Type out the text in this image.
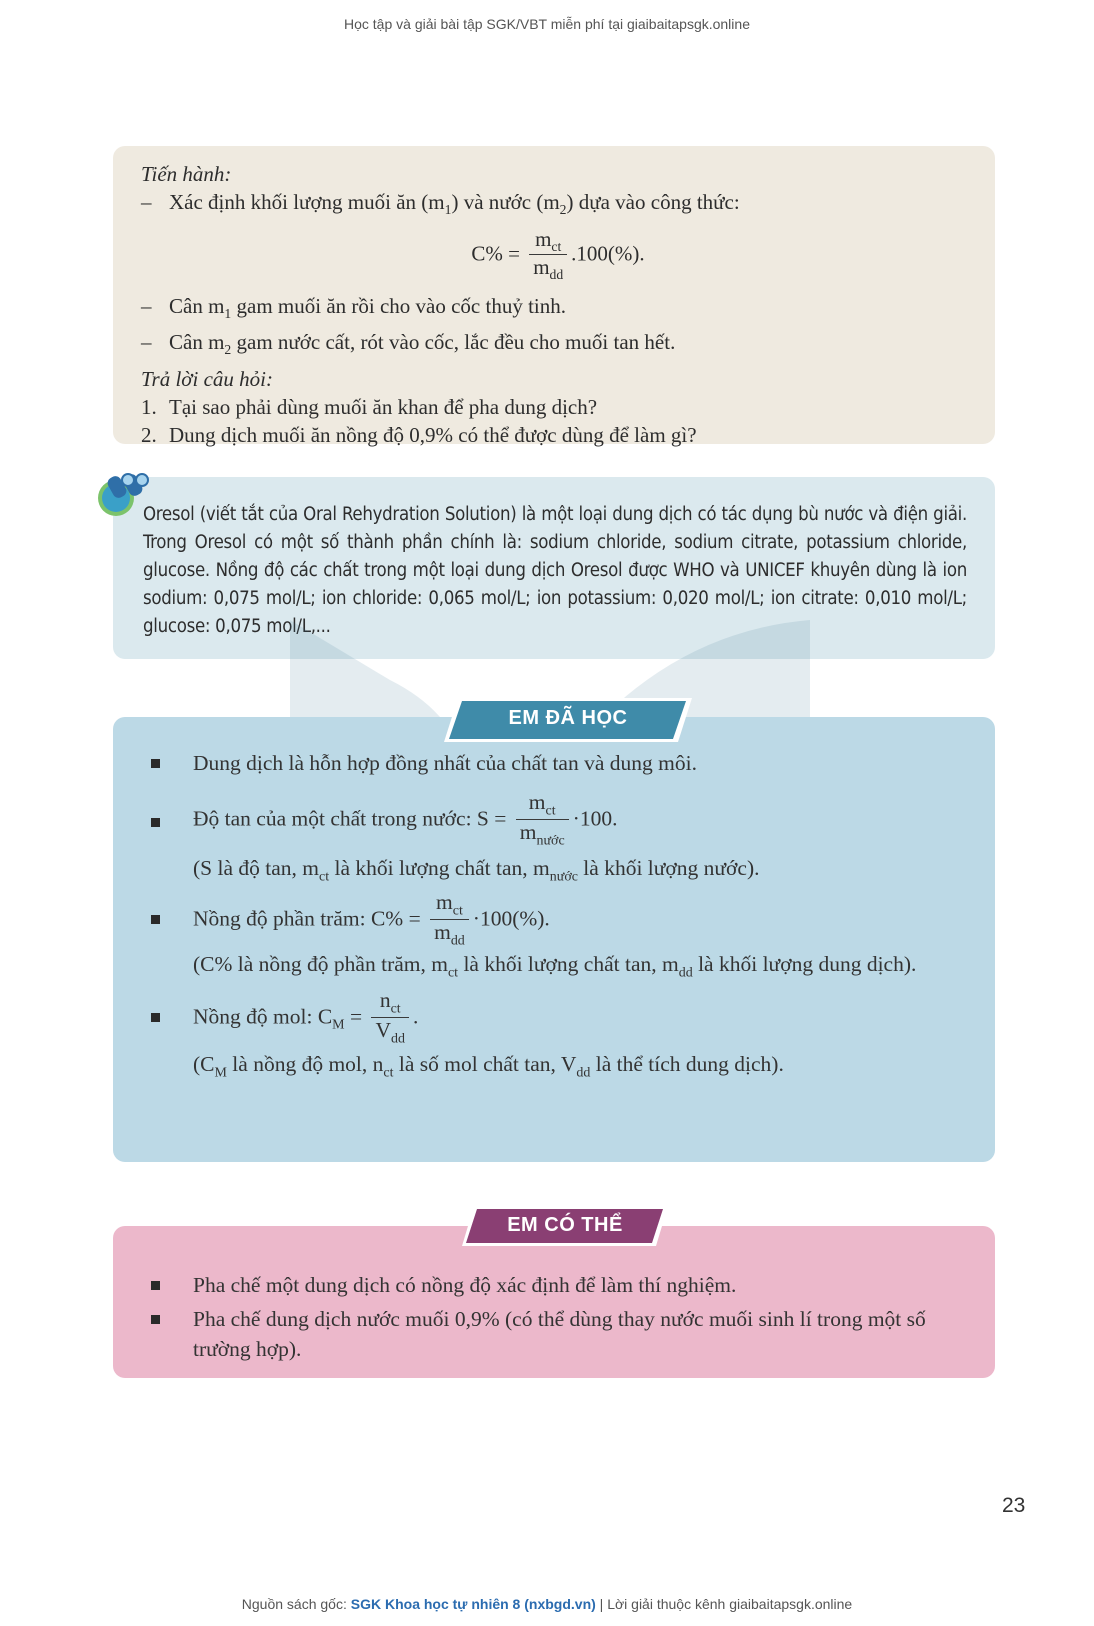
Học tập và giải bài tập SGK/VBT miễn phí tại giaibaitapsgk.online
Tiến hành:
– Xác định khối lượng muối ăn $(m_1)$ và nước $(m_2)$ dựa vào công thức:
$C\% = \frac{m_{ct}}{m_{dd}} .100(\%)$.
– Cân $m_1$ gam muối ăn rồi cho vào cốc thuỷ tinh.
– Cân $m_2$ gam nước cất, rót vào cốc, lắc đều cho muối tan hết.
Trả lời câu hỏi:
1. Tại sao phải dùng muối ăn khan để pha dung dịch?
2. Dung dịch muối ăn nồng độ 0,9% có thể được dùng để làm gì?
Oresol (viết tắt của Oral Rehydration Solution) là một loại dung dịch có tác dụng bù nước và điện giải. Trong Oresol có một số thành phần chính là: sodium chloride, sodium citrate, potassium chloride, glucose. Nồng độ các chất trong một loại dung dịch Oresol được WHO và UNICEF khuyên dùng là ion sodium: 0,075 mol/L; ion chloride: 0,065 mol/L; ion potassium: 0,020 mol/L; ion citrate: 0,010 mol/L; glucose: 0,075 mol/L,...
Dung dịch là hỗn hợp đồng nhất của chất tan và dung môi.
Độ tan của một chất trong nước: $S = \frac{m_{ct}}{m_{nước}} \cdot 100$.
(S là độ tan, $m_{ct}$ là khối lượng chất tan, $m_{nước}$ là khối lượng nước).
Nồng độ phần trăm: $C\% = \frac{m_{ct}}{m_{dd}} \cdot 100(\%)$.
(C% là nồng độ phần trăm, $m_{ct}$ là khối lượng chất tan, $m_{dd}$ là khối lượng dung dịch).
Nồng độ mol: $C_M = \frac{n_{ct}}{V_{dd}}$ .
($C_M$ là nồng độ mol, $n_{ct}$ là số mol chất tan, $V_{dd}$ là thể tích dung dịch).
EM ĐÃ HỌC
Pha chế một dung dịch có nồng độ xác định để làm thí nghiệm.
Pha chế dung dịch nước muối 0,9% (có thể dùng thay nước muối sinh lí trong một số trường hợp).
EM CÓ THỂ
23
Nguồn sách gốc: SGK Khoa học tự nhiên 8 (nxbgd.vn) | Lời giải thuộc kênh giaibaitapsgk.online
